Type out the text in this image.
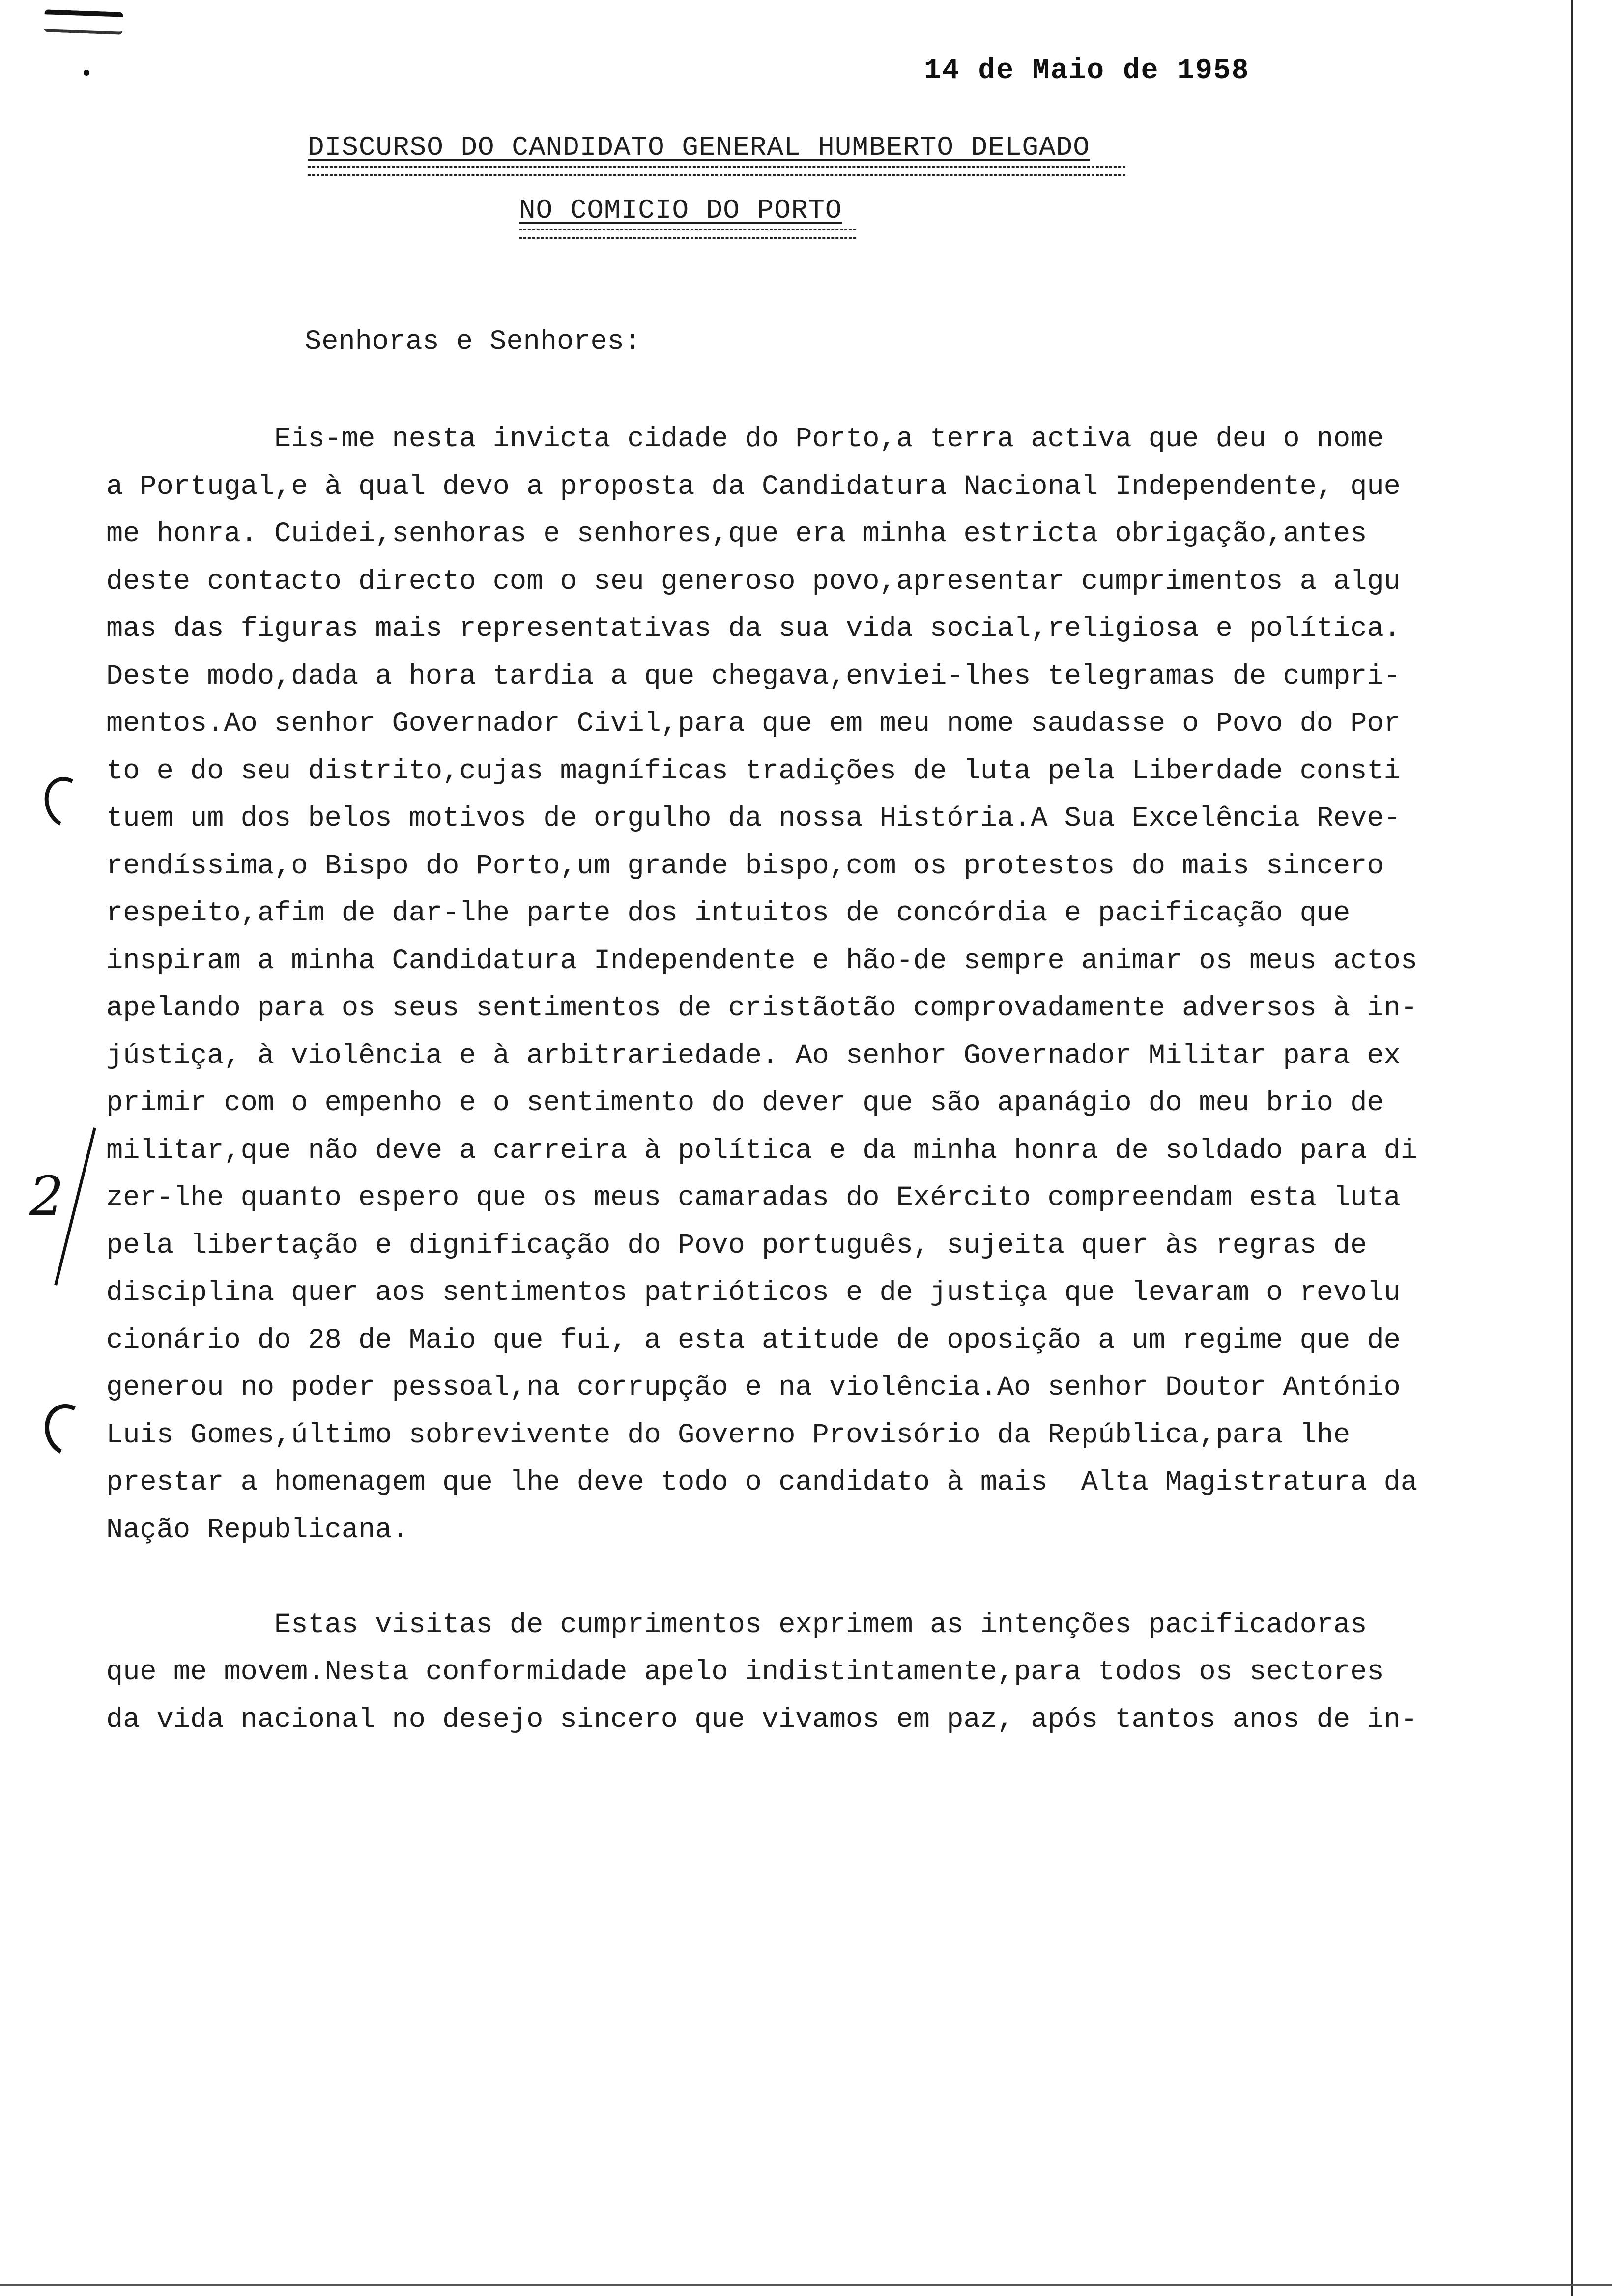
14 de Maio de 1958
DISCURSO DO CANDIDATO GENERAL HUMBERTO DELGADO
NO COMICIO DO PORTO
Senhoras e Senhores:
Eis-me nesta invicta cidade do Porto,a terra activa que deu o nome
a Portugal,e à qual devo a proposta da Candidatura Nacional Independente, que
me honra. Cuidei,senhoras e senhores,que era minha estricta obrigação,antes
deste contacto directo com o seu generoso povo,apresentar cumprimentos a algu
mas das figuras mais representativas da sua vida social,religiosa e política.
Deste modo,dada a hora tardia a que chegava,enviei-lhes telegramas de cumpri-
mentos.Ao senhor Governador Civil,para que em meu nome saudasse o Povo do Por
to e do seu distrito,cujas magníficas tradições de luta pela Liberdade consti
tuem um dos belos motivos de orgulho da nossa História.A Sua Excelência Reve-
rendíssima,o Bispo do Porto,um grande bispo,com os protestos do mais sincero
respeito,afim de dar-lhe parte dos intuitos de concórdia e pacificação que
inspiram a minha Candidatura Independente e hão-de sempre animar os meus actos
apelando para os seus sentimentos de cristãotão comprovadamente adversos à in-
jústiça, à violência e à arbitrariedade. Ao senhor Governador Militar para ex
primir com o empenho e o sentimento do dever que são apanágio do meu brio de
militar,que não deve a carreira à política e da minha honra de soldado para di
zer-lhe quanto espero que os meus camaradas do Exército compreendam esta luta
pela libertação e dignificação do Povo português, sujeita quer às regras de
disciplina quer aos sentimentos patrióticos e de justiça que levaram o revolu
cionário do 28 de Maio que fui, a esta atitude de oposição a um regime que de
generou no poder pessoal,na corrupção e na violência.Ao senhor Doutor António
Luis Gomes,último sobrevivente do Governo Provisório da República,para lhe
prestar a homenagem que lhe deve todo o candidato à mais  Alta Magistratura da
Nação Republicana.
Estas visitas de cumprimentos exprimem as intenções pacificadoras
que me movem.Nesta conformidade apelo indistintamente,para todos os sectores
da vida nacional no desejo sincero que vivamos em paz, após tantos anos de in-
2
